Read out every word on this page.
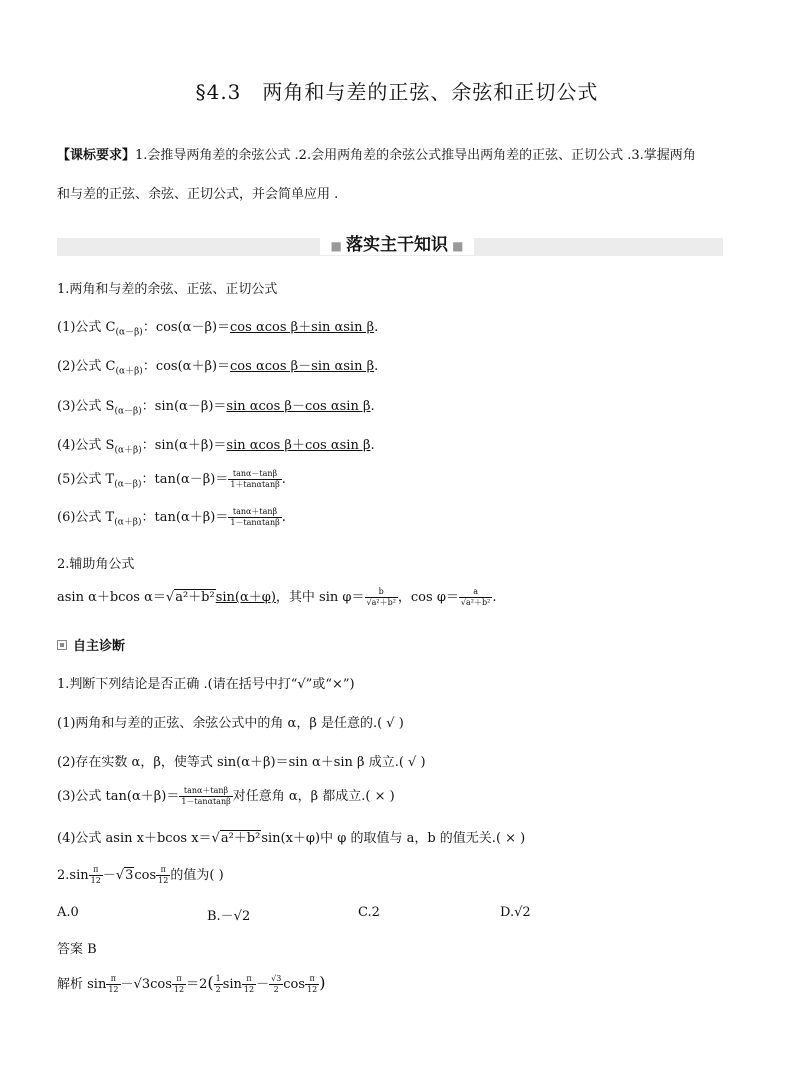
§4.3　两角和与差的正弦、余弦和正切公式
【课标要求】1.会推导两角差的余弦公式 .2.会用两角差的余弦公式推导出两角差的正弦、正切公式 .3.掌握两角
和与差的正弦、余弦、正切公式，并会简单应用 .
■ 落实主干知识 ■
1.两角和与差的余弦、正弦、正切公式
(1)公式 $C_{(\alpha-\beta)}$：cos(α－β)＝cos αcos β＋sin αsin β.
(2)公式 $C_{(\alpha+\beta)}$：cos(α＋β)＝cos αcos β－sin αsin β.
(3)公式 $S_{(\alpha-\beta)}$：sin(α－β)＝sin αcos β－cos αsin β.
(4)公式 $S_{(\alpha+\beta)}$：sin(α＋β)＝sin αcos β＋cos αsin β.
(5)公式 $T_{(\alpha-\beta)}$：$\tan(\alpha-\beta)= \frac{\tan\alpha-\tan\beta}{1+\tan\alpha\tan\beta}$ .
(6)公式 $T_{(\alpha+\beta)}$：$\tan(\alpha+\beta)= \frac{\tan\alpha+\tan\beta}{1-\tan\alpha\tan\beta}$ .
2.辅助角公式
asin α＋bcos α＝√a²＋b²sin(α＋φ)，其中 $\sin \varphi= \frac{b}{\text{√a²＋b²}}$ ，$\cos \varphi= \frac{a}{\text{√a²＋b²}}$ .
自主诊断
1.判断下列结论是否正确 .(请在括号中打“√”或“×”)
(1)两角和与差的正弦、余弦公式中的角 α，β 是任意的.( √ )
(2)存在实数 α，β，使等式 sin(α＋β)＝sin α＋sin β 成立.( √ )
(3)公式 $\tan(\alpha+\beta)= \frac{\tan\alpha+\tan\beta}{1-\tan\alpha\tan\beta}$ 对任意角 α，β 都成立.( × )
(4)公式 asin x＋bcos x＝√a²＋b²sin(x＋φ)中 φ 的取值与 a，b 的值无关.( × )
$2.\sin \frac{\pi}{12} -√3\cos \frac{\pi}{12}$ 的值为( )
A.0	B.－√2	C.2	D.√2
答案 B
解析 $\sin \frac{\pi}{12} -√3\cos \frac{\pi}{12} =2( \frac{1}{2}$ $\sin \frac{\pi}{12} - \frac{√3}{2}$ $\cos \frac{\pi}{12}$ )
